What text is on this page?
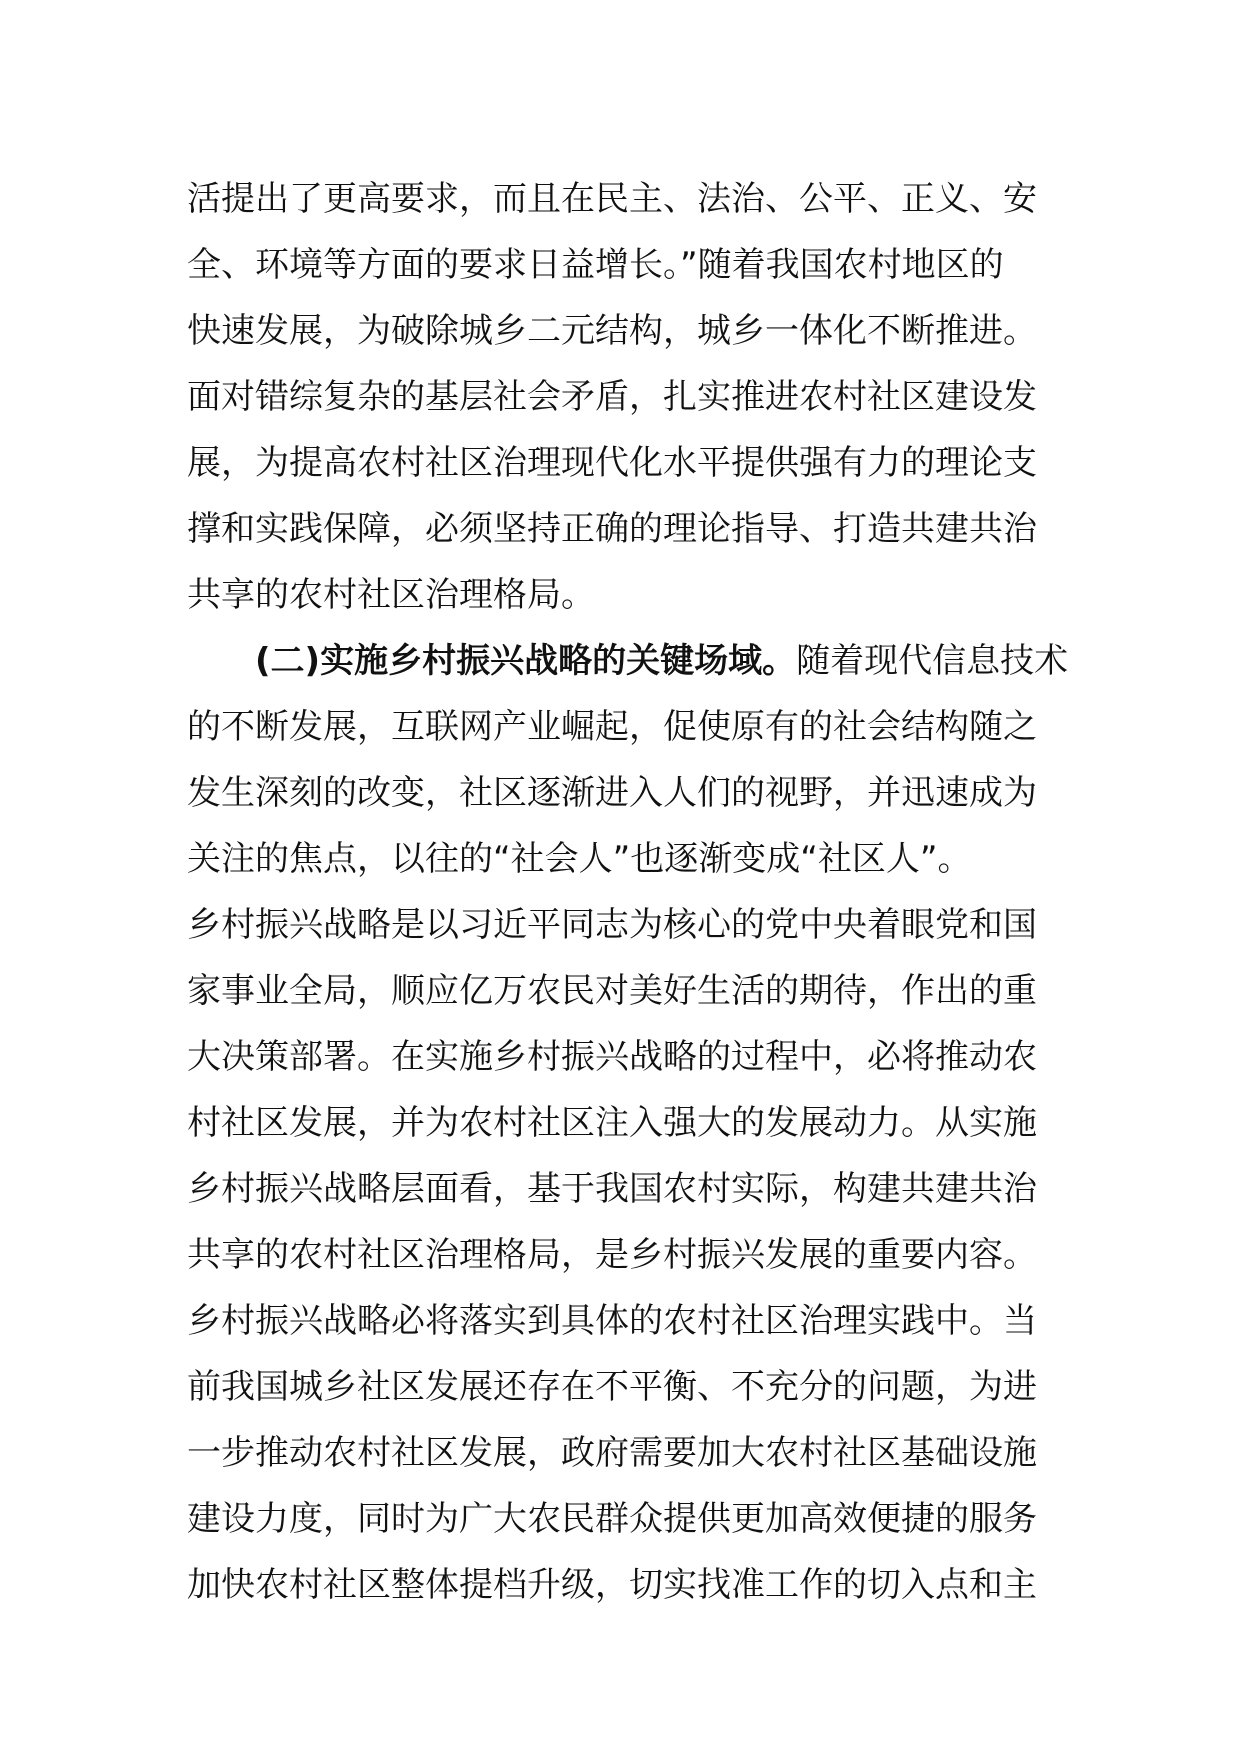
活提出了更高要求，而且在民主、法治、公平、正义、安
全、环境等方面的要求日益增长。”随着我国农村地区的
快速发展，为破除城乡二元结构，城乡一体化不断推进。
面对错综复杂的基层社会矛盾，扎实推进农村社区建设发
展，为提高农村社区治理现代化水平提供强有力的理论支
撑和实践保障，必须坚持正确的理论指导、打造共建共治
共享的农村社区治理格局。
(二)实施乡村振兴战略的关键场域。 随着现代信息技术
的不断发展，互联网产业崛起，促使原有的社会结构随之
发生深刻的改变，社区逐渐进入人们的视野，并迅速成为
关注的焦点，以往的“社会人”也逐渐变成“社区人”。
乡村振兴战略是以习近平同志为核心的党中央着眼党和国
家事业全局，顺应亿万农民对美好生活的期待，作出的重
大决策部署。在实施乡村振兴战略的过程中，必将推动农
村社区发展，并为农村社区注入强大的发展动力。从实施
乡村振兴战略层面看，基于我国农村实际，构建共建共治
共享的农村社区治理格局，是乡村振兴发展的重要内容。
乡村振兴战略必将落实到具体的农村社区治理实践中。当
前我国城乡社区发展还存在不平衡、不充分的问题，为进
一步推动农村社区发展，政府需要加大农村社区基础设施
建设力度，同时为广大农民群众提供更加高效便捷的服务
加快农村社区整体提档升级，切实找准工作的切入点和主
